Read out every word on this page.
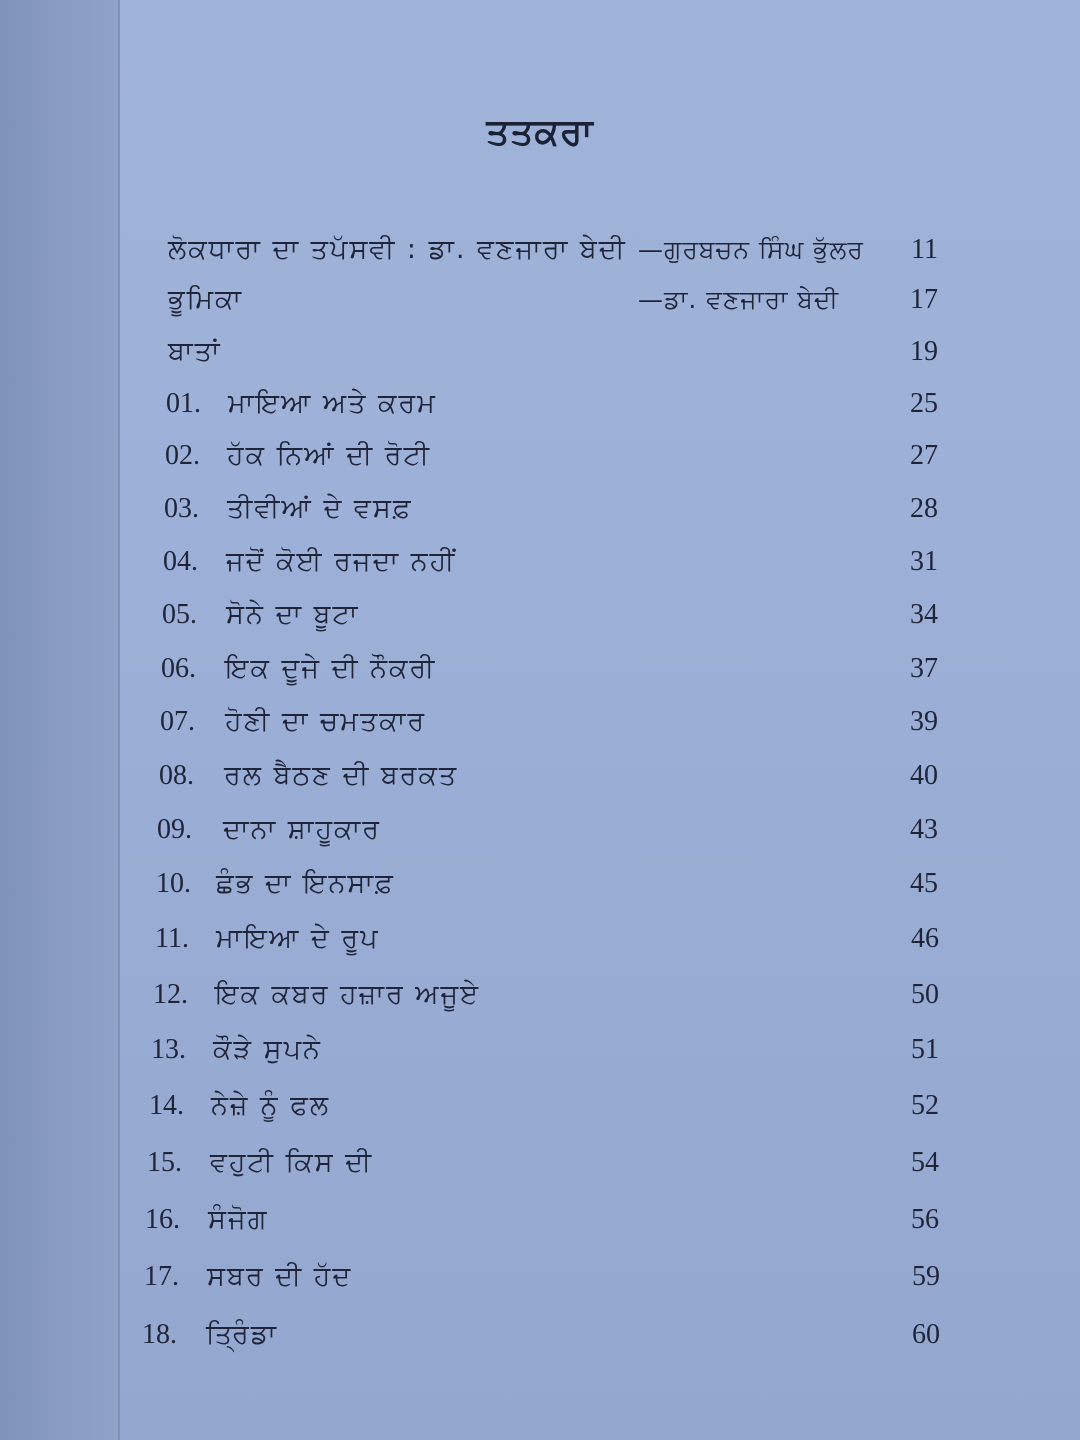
ਤਤਕਰਾ
ਲੋਕਧਾਰਾ ਦਾ ਤਪੱਸਵੀ : ਡਾ. ਵਣਜਾਰਾ ਬੇਦੀ —ਗੁਰਬਚਨ ਸਿੰਘ ਭੁੱਲਰ	11
ਭੂਮਿਕਾ	—ਡਾ. ਵਣਜਾਰਾ ਬੇਦੀ	17
ਬਾਤਾਂ	19
01. ਮਾਇਆ ਅਤੇ ਕਰਮ	25
02. ਹੱਕ ਨਿਆਂ ਦੀ ਰੋਟੀ	27
03. ਤੀਵੀਆਂ ਦੇ ਵਸਫ਼	28
04. ਜਦੋਂ ਕੋਈ ਰਜਦਾ ਨਹੀਂ	31
05. ਸੋਨੇ ਦਾ ਬੂਟਾ	34
06. ਇਕ ਦੂਜੇ ਦੀ ਨੌਕਰੀ	37
07. ਹੋਣੀ ਦਾ ਚਮਤਕਾਰ	39
08. ਰਲ ਬੈਠਣ ਦੀ ਬਰਕਤ	40
09. ਦਾਨਾ ਸ਼ਾਹੂਕਾਰ	43
10. ਛੰਭ ਦਾ ਇਨਸਾਫ਼	45
11. ਮਾਇਆ ਦੇ ਰੂਪ	46
12. ਇਕ ਕਬਰ ਹਜ਼ਾਰ ਅਜੂਏ	50
13. ਕੌੜੇ ਸੁਪਨੇ	51
14. ਨੇਜ਼ੇ ਨੂੰ ਫਲ	52
15. ਵਹੁਟੀ ਕਿਸ ਦੀ	54
16. ਸੰਜੋਗ	56
17. ਸਬਰ ਦੀ ਹੱਦ	59
18. ਤ੍ਰਿੰਡਾ	60
